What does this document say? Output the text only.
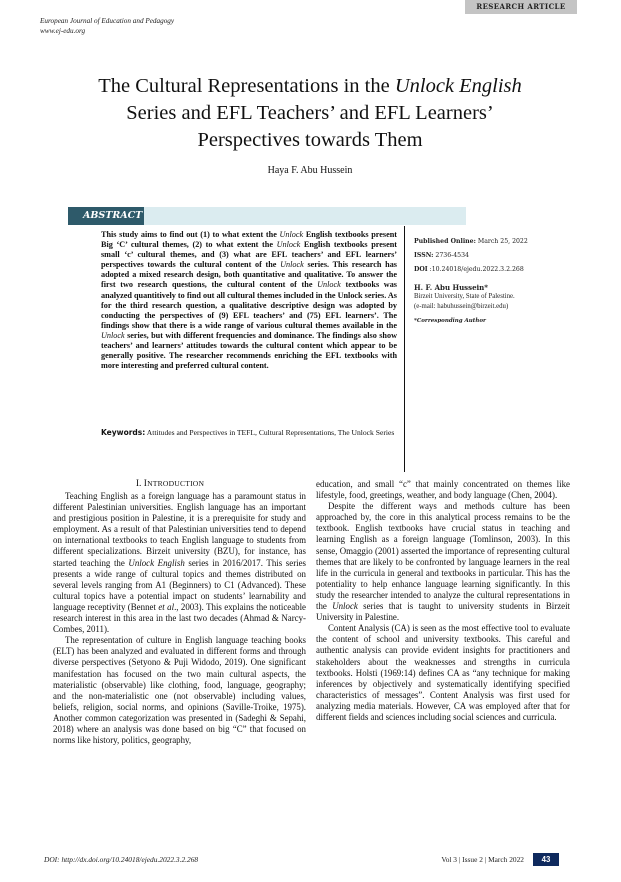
RESEARCH ARTICLE
European Journal of Education and Pedagogy
www.ej-edu.org
The Cultural Representations in the Unlock English
Series and EFL Teachers’ and EFL Learners’
Perspectives towards Them
Haya F. Abu Hussein
ABSTRACT
This study aims to find out (1) to what extent the Unlock English textbooks present Big ‘C’ cultural themes, (2) to what extent the Unlock English textbooks present small ‘c’ cultural themes, and (3) what are EFL teachers’ and EFL learners’ perspectives towards the cultural content of the Unlock series. This research has adopted a mixed research design, both quantitative and qualitative. To answer the first two research questions, the cultural content of the Unlock textbooks was analyzed quantitively to find out all cultural themes included in the Unlock series. As for the third research question, a qualitative descriptive design was adopted by conducting the perspectives of (9) EFL teachers’ and (75) EFL learners’. The findings show that there is a wide range of various cultural themes available in the Unlock series, but with different frequencies and dominance. The findings also show teachers’ and learners’ attitudes towards the cultural content which appear to be generally positive. The researcher recommends enriching the EFL textbooks with more interesting and preferred cultural content.
Keywords: Attitudes and Perspectives in TEFL, Cultural Representations, The Unlock Series
Published Online: March 25, 2022
ISSN: 2736-4534
DOI :10.24018/ejedu.2022.3.2.268
H. F. Abu Hussein*
Birzeit University, State of Palestine.
(e-mail: habuhussein@birzeit.edu)
*Corresponding Author
I. INTRODUCTION

Teaching English as a foreign language has a paramount status in different Palestinian universities. English language has an important and prestigious position in Palestine, it is a prerequisite for study and employment. As a result of that Palestinian universities tend to depend on international textbooks to teach English language to students from different specializations. Birzeit university (BZU), for instance, has started teaching the Unlock English series in 2016/2017. This series presents a wide range of cultural topics and themes distributed on several levels ranging from A1 (Beginners) to C1 (Advanced). These cultural topics have a potential impact on students’ learnability and language receptivity (Bennet et al., 2003). This explains the noticeable research interest in this area in the last two decades (Ahmad & Narcy-Combes, 2011).

The representation of culture in English language teaching books (ELT) has been analyzed and evaluated in different forms and through diverse perspectives (Setyono & Puji Widodo, 2019). One significant manifestation has focused on the two main cultural aspects, the materialistic (observable) like clothing, food, language, geography; and the non-materialistic one (not observable) including values, beliefs, religion, social norms, and opinions (Saville-Troike, 1975). Another common categorization was presented in (Sadeghi & Sepahi, 2018) where an analysis was done based on big “C” that focused on norms like history, politics, geography,

education, and small “c” that mainly concentrated on themes like lifestyle, food, greetings, weather, and body language (Chen, 2004).

Despite the different ways and methods culture has been approached by, the core in this analytical process remains to be the textbook. English textbooks have crucial status in teaching and learning English as a foreign language (Tomlinson, 2003). In this sense, Omaggio (2001) asserted the importance of representing cultural themes that are likely to be confronted by language learners in the real life in the curricula in general and textbooks in particular. This has the potentiality to help enhance language learning significantly. In this study the researcher intended to analyze the cultural representations in the Unlock series that is taught to university students in Birzeit University in Palestine.

Content Analysis (CA) is seen as the most effective tool to evaluate the content of school and university textbooks. This careful and authentic analysis can provide evident insights for practitioners and stakeholders about the weaknesses and strengths in curricula textbooks. Holsti (1969:14) defines CA as “any technique for making inferences by objectively and systematically identifying specified characteristics of messages”. Content Analysis was first used for analyzing media materials. However, CA was employed after that for different fields and sciences including social sciences and curricula.

DOI: http://dx.doi.org/10.24018/ejedu.2022.3.2.268	Vol 3 | Issue 2 | March 2022	43
